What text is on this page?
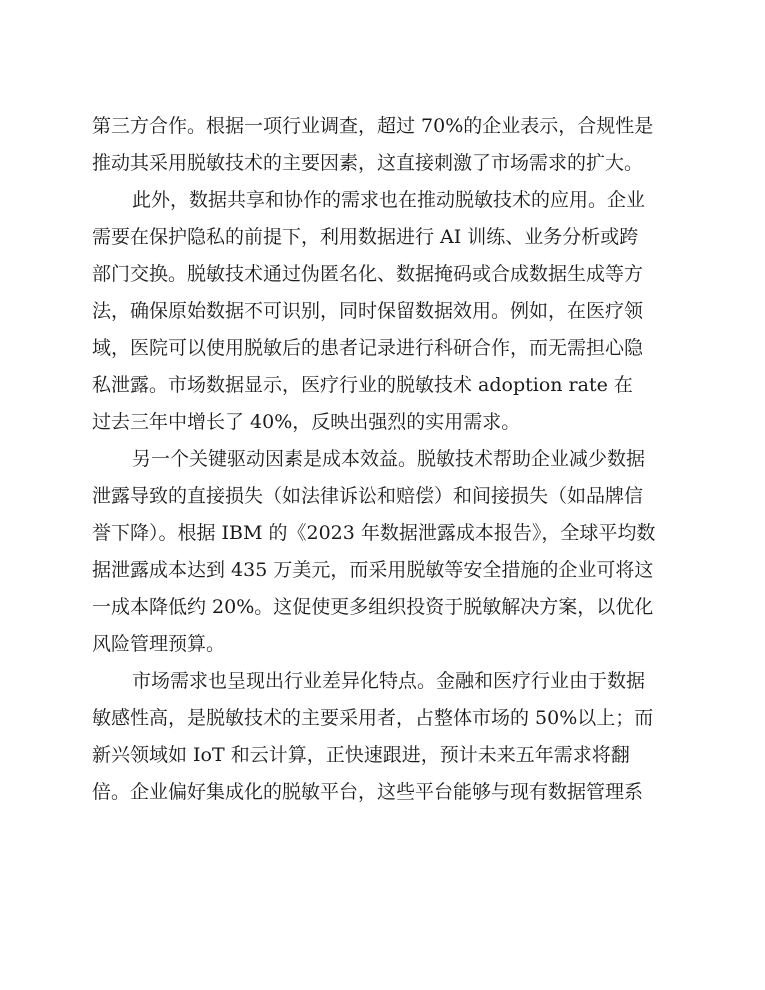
第三方合作。根据一项行业调查，超过 70%的企业表示，合规性是
推动其采用脱敏技术的主要因素，这直接刺激了市场需求的扩大。
此外，数据共享和协作的需求也在推动脱敏技术的应用。企业
需要在保护隐私的前提下，利用数据进行 AI 训练、业务分析或跨
部门交换。脱敏技术通过伪匿名化、数据掩码或合成数据生成等方
法，确保原始数据不可识别，同时保留数据效用。例如，在医疗领
域，医院可以使用脱敏后的患者记录进行科研合作，而无需担心隐
私泄露。市场数据显示，医疗行业的脱敏技术 adoption rate 在
过去三年中增长了 40%，反映出强烈的实用需求。
另一个关键驱动因素是成本效益。脱敏技术帮助企业减少数据
泄露导致的直接损失（如法律诉讼和赔偿）和间接损失（如品牌信
誉下降）。根据 IBM 的《2023 年数据泄露成本报告》，全球平均数
据泄露成本达到 435 万美元，而采用脱敏等安全措施的企业可将这
一成本降低约 20%。这促使更多组织投资于脱敏解决方案，以优化
风险管理预算。
市场需求也呈现出行业差异化特点。金融和医疗行业由于数据
敏感性高，是脱敏技术的主要采用者，占整体市场的 50%以上；而
新兴领域如 IoT 和云计算，正快速跟进，预计未来五年需求将翻
倍。企业偏好集成化的脱敏平台，这些平台能够与现有数据管理系
